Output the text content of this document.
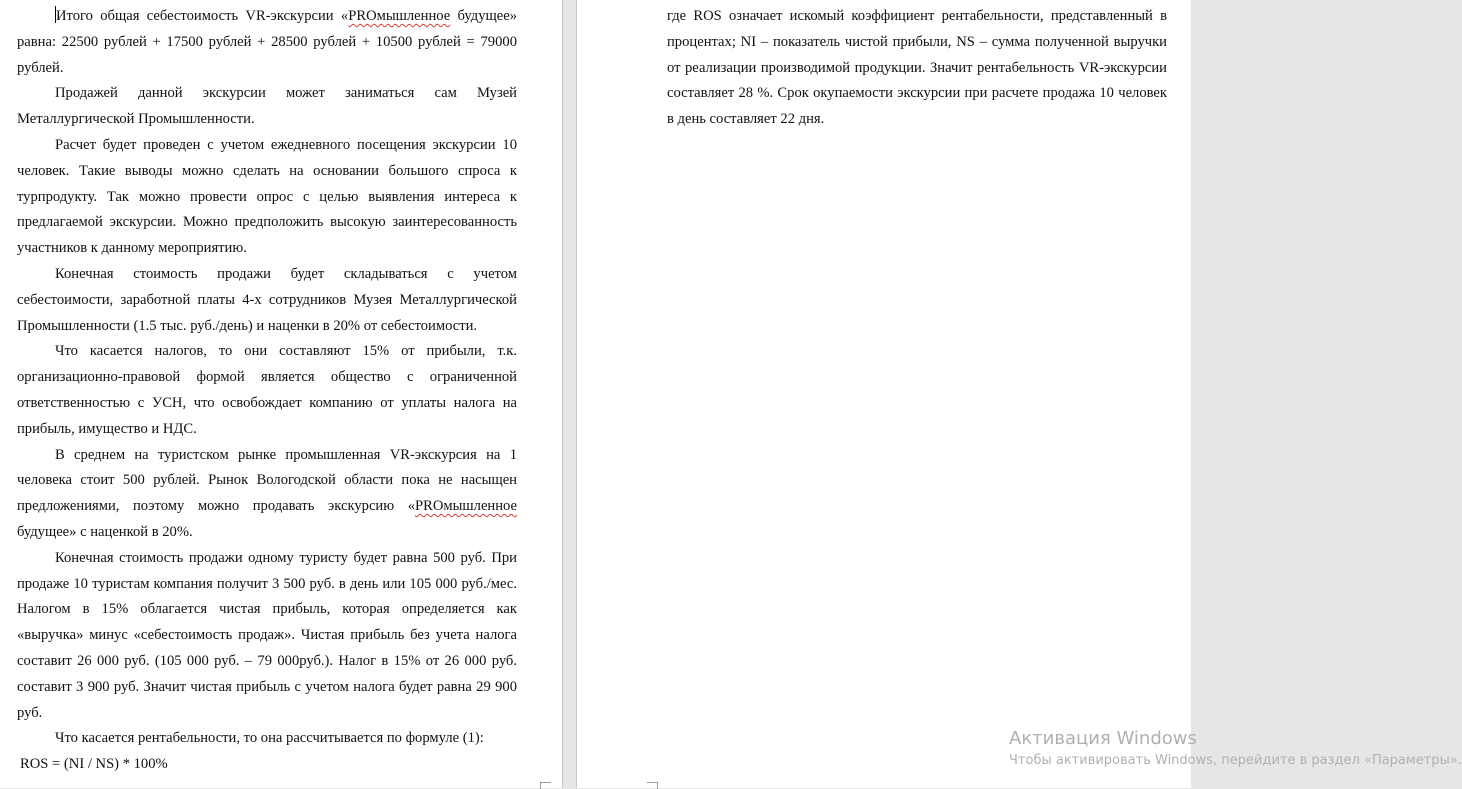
Итого общая себестоимость VR-экскурсии «PROмышленное будущее» равна: 22500 рублей + 17500 рублей + 28500 рублей + 10500 рублей = 79000 рублей.

Продажей данной экскурсии может заниматься сам Музей Металлургической Промышленности.

Расчет будет проведен с учетом ежедневного посещения экскурсии 10 человек. Такие выводы можно сделать на основании большого спроса к турпродукту. Так можно провести опрос с целью выявления интереса к предлагаемой экскурсии. Можно предположить высокую заинтересованность участников к данному мероприятию.

Конечная стоимость продажи будет складываться с учетом себестоимости, заработной платы 4-х сотрудников Музея Металлургической Промышленности (1.5 тыс. руб./день) и наценки в 20% от себестоимости.

Что касается налогов, то они составляют 15% от прибыли, т.к. организационно-правовой формой является общество с ограниченной ответственностью с УСН, что освобождает компанию от уплаты налога на прибыль, имущество и НДС.

В среднем на туристском рынке промышленная VR-экскурсия на 1 человека стоит 500 рублей. Рынок Вологодской области пока не насыщен предложениями, поэтому можно продавать экскурсию «PROмышленное будущее» с наценкой в 20%.

Конечная стоимость продажи одному туристу будет равна 500 руб. При продаже 10 туристам компания получит 3 500 руб. в день или 105 000 руб./мес. Налогом в 15% облагается чистая прибыль, которая определяется как «выручка» минус «себестоимость продаж». Чистая прибыль без учета налога составит 26 000 руб. (105 000 руб. – 79 000руб.). Налог в 15% от 26 000 руб. составит 3 900 руб. Значит чистая прибыль с учетом налога будет равна 29 900 руб.

Что касается рентабельности, то она рассчитывается по формуле (1):

ROS = (NI / NS) * 100%

где ROS означает искомый коэффициент рентабельности, представленный в процентах; NI – показатель чистой прибыли, NS – сумма полученной выручки от реализации производимой продукции. Значит рентабельность VR-экскурсии составляет 28 %. Срок окупаемости экскурсии при расчете продажа 10 человек в день составляет 22 дня.

Активация Windows
Чтобы активировать Windows, перейдите в раздел «Параметры».
